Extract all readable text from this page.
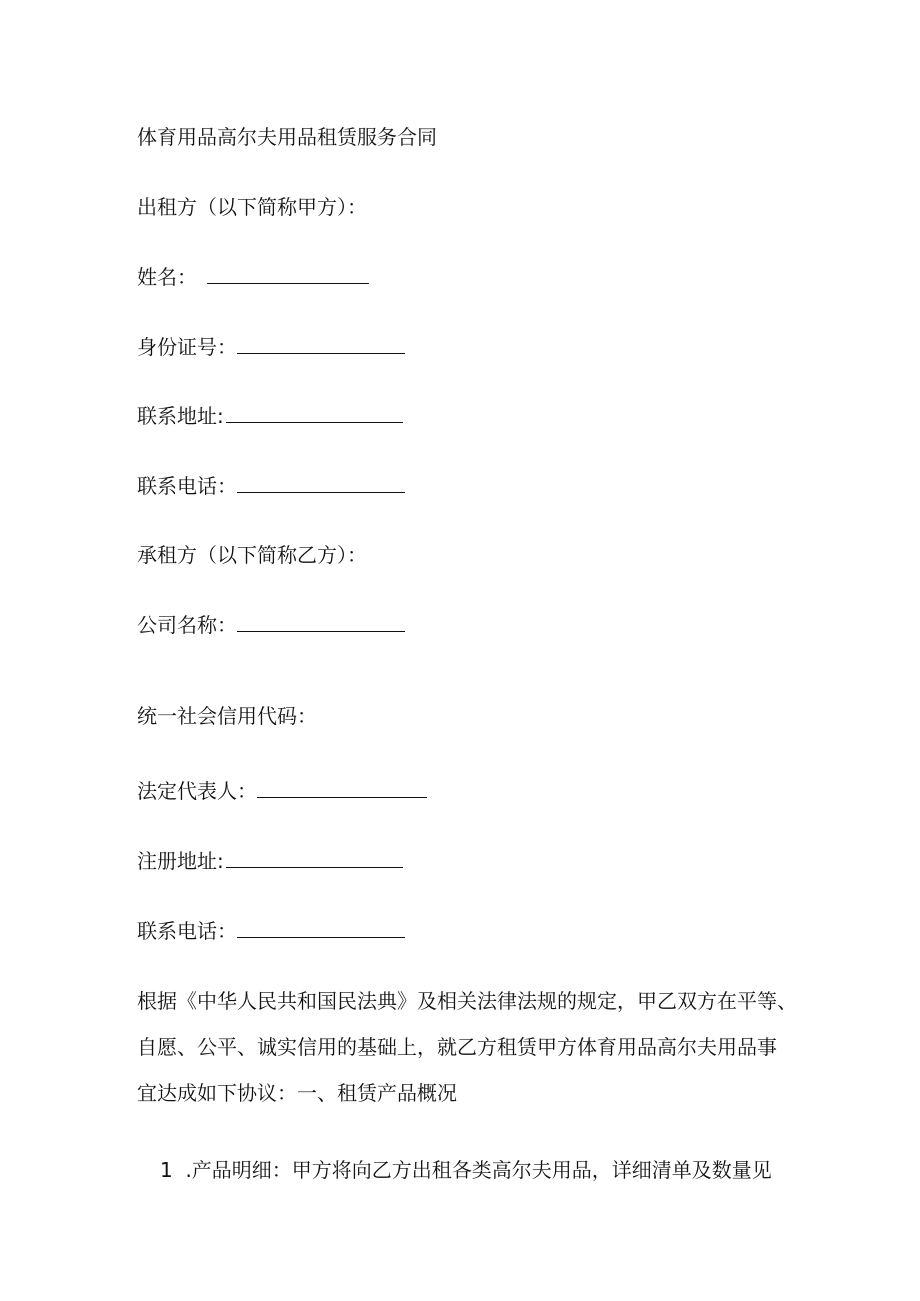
体育用品高尔夫用品租赁服务合同
出租方（以下简称甲方）：
姓名：
身份证号：
联系地址:
联系电话：
承租方（以下简称乙方）：
公司名称：
统一社会信用代码：
法定代表人：
注册地址:
联系电话：

根据《中华人民共和国民法典》及相关法律法规的规定，甲乙双方在平等、

自愿、公平、诚实信用的基础上，就乙方租赁甲方体育用品高尔夫用品事

宜达成如下协议：一、租赁产品概况

1  .产品明细：甲方将向乙方出租各类高尔夫用品，详细清单及数量见
